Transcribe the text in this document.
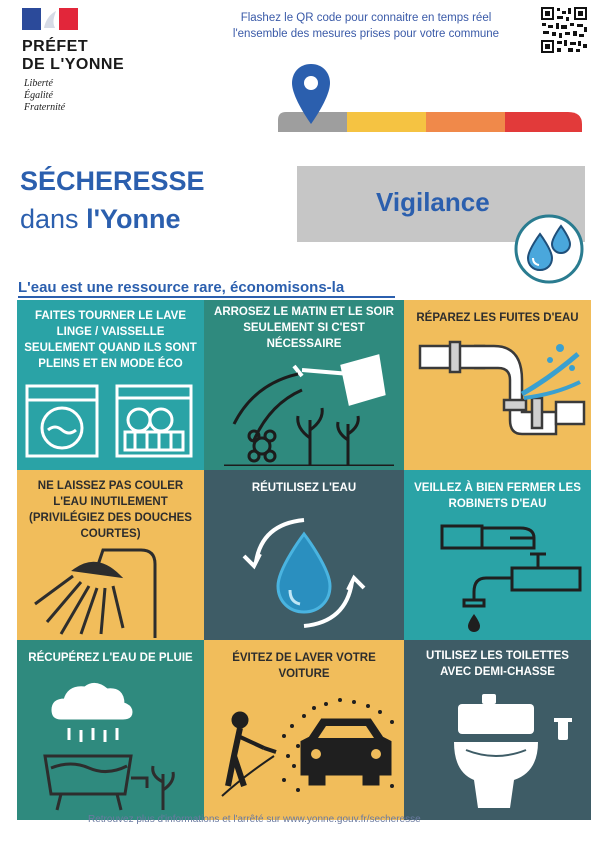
PRÉFET
DE L'YONNE
Liberté
Égalité
Fraternité
Flashez le QR code pour connaitre en temps réel
l'ensemble des mesures prises pour votre commune
SÉCHERESSE
dans l'Yonne
Vigilance
L'eau est une ressource rare, économisons-la
FAITES TOURNER LE LAVE LINGE / VAISSELLE SEULEMENT QUAND ILS SONT PLEINS ET EN MODE ÉCO
ARROSEZ LE MATIN ET LE SOIR SEULEMENT SI C'EST NÉCESSAIRE
RÉPAREZ LES FUITES D'EAU
NE LAISSEZ PAS COULER L'EAU INUTILEMENT (PRIVILÉGIEZ DES DOUCHES COURTES)
RÉUTILISEZ L'EAU	VEILLEZ À BIEN FERMER LES ROBINETS D'EAU
RÉCUPÉREZ L'EAU DE PLUIE	ÉVITEZ DE LAVER VOTRE VOITURE
UTILISEZ LES TOILETTES AVEC DEMI-CHASSE
Retrouvez plus d'informations et l'arrêté sur www.yonne.gouv.fr/secheresse
